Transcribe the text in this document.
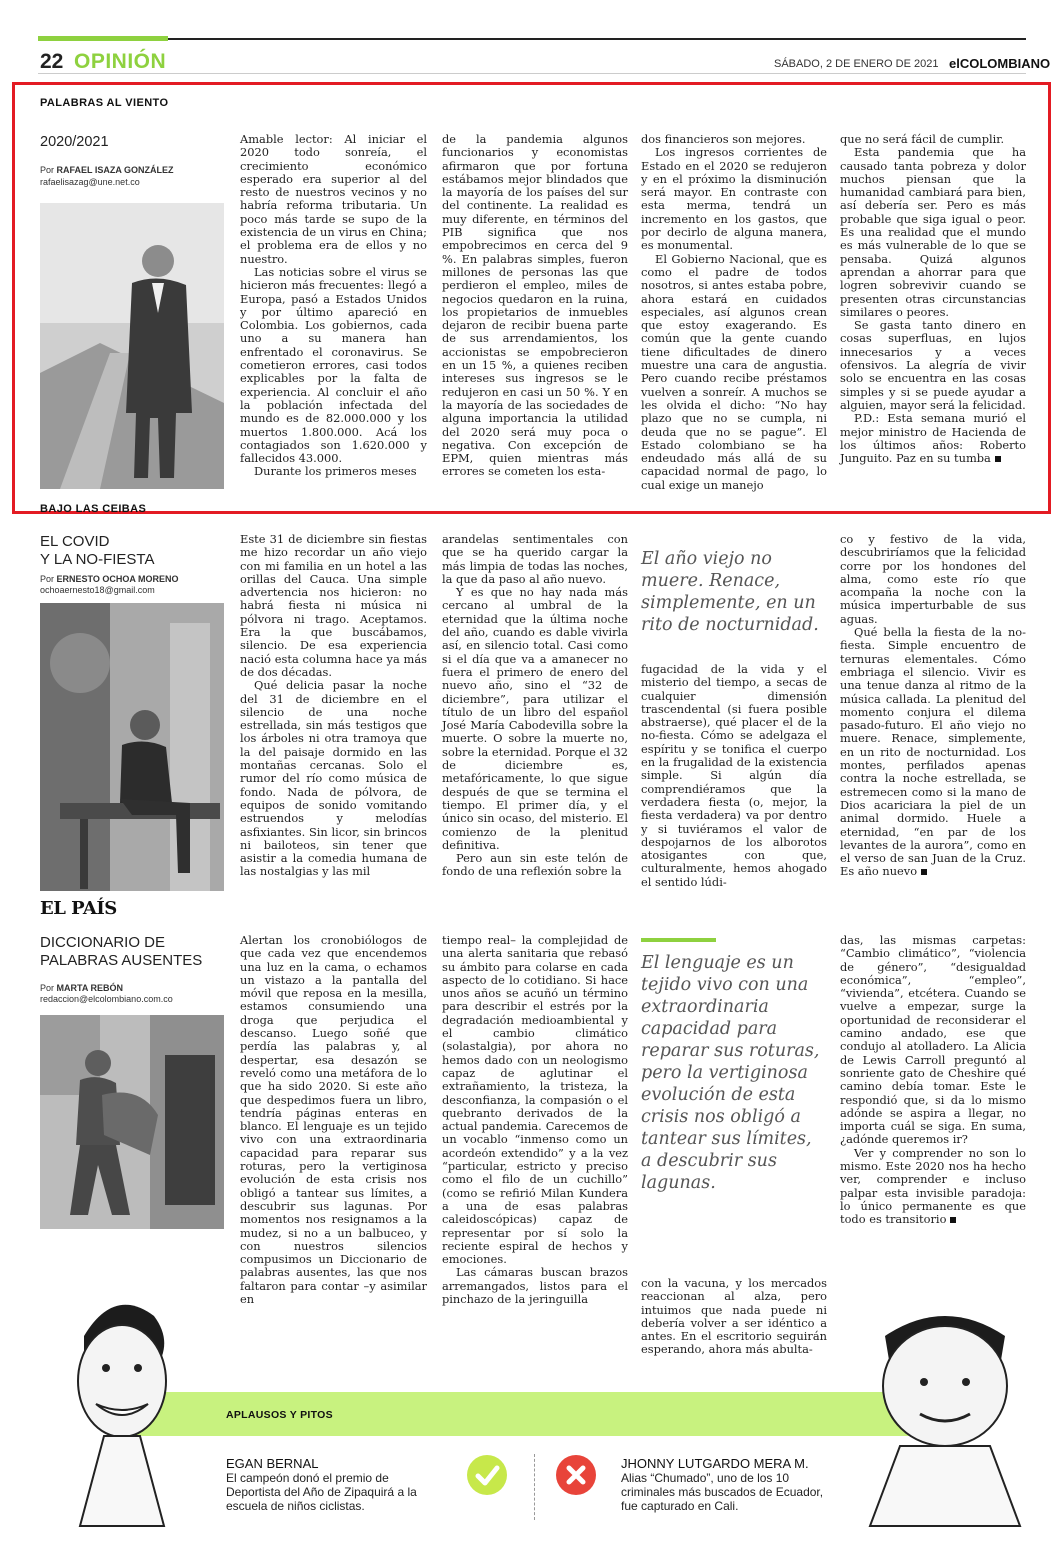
22 OPINIÓN	SÁBADO, 2 DE ENERO DE 2021 elCOLOMBIANO
PALABRAS AL VIENTO
2020/2021
Por RAFAEL ISAZA GONZÁLEZ
rafaelisazag@une.net.co

Amable lector: Al iniciar el 2020 todo sonreía, el crecimiento económico esperado era superior al del resto de nuestros vecinos y no habría reforma tributaria. Un poco más tarde se supo de la existencia de un virus en China; el problema era de ellos y no nuestro.

Las noticias sobre el virus se hicieron más frecuentes: llegó a Europa, pasó a Estados Unidos y por último apareció en Colombia. Los gobiernos, cada uno a su manera han enfrentado el coronavirus. Se cometieron errores, casi todos explicables por la falta de experiencia. Al concluir el año la población infectada del mundo es de 82.000.000 y los muertos 1.800.000. Acá los contagiados son 1.620.000 y fallecidos 43.000.

Durante los primeros meses

de la pandemia algunos funcionarios y economistas afirmaron que por fortuna estábamos mejor blindados que la mayoría de los países del sur del continente. La realidad es muy diferente, en términos del PIB significa que nos empobrecimos en cerca del 9 %. En palabras simples, fueron millones de personas las que perdieron el empleo, miles de negocios quedaron en la ruina, los propietarios de inmuebles dejaron de recibir buena parte de sus arrendamientos, los accionistas se empobrecieron en un 15 %, a quienes reciben intereses sus ingresos se le redujeron en casi un 50 %. Y en la mayoría de las sociedades de alguna importancia la utilidad del 2020 será muy poca o negativa. Con excepción de EPM, quien mientras más errores se cometen los esta-

dos financieros son mejores.

Los ingresos corrientes de Estado en el 2020 se redujeron y en el próximo la disminución será mayor. En contraste con esta merma, tendrá un incremento en los gastos, que por decirlo de alguna manera, es monumental.

El Gobierno Nacional, que es como el padre de todos nosotros, si antes estaba pobre, ahora estará en cuidados especiales, así algunos crean que estoy exagerando. Es común que la gente cuando tiene dificultades de dinero muestre una cara de angustia. Pero cuando recibe préstamos vuelven a sonreír. A muchos se les olvida el dicho: “No hay plazo que no se cumpla, ni deuda que no se pague”. El Estado colombiano se ha endeudado más allá de su capacidad normal de pago, lo cual exige un manejo

que no será fácil de cumplir.

Esta pandemia que ha causado tanta pobreza y dolor muchos piensan que la humanidad cambiará para bien, así debería ser. Pero es más probable que siga igual o peor. Es una realidad que el mundo es más vulnerable de lo que se pensaba. Quizá algunos aprendan a ahorrar para que logren sobrevivir cuando se presenten otras circunstancias similares o peores.

Se gasta tanto dinero en cosas superfluas, en lujos innecesarios y a veces ofensivos. La alegría de vivir solo se encuentra en las cosas simples y si se puede ayudar a alguien, mayor será la felicidad.

P.D.: Esta semana murió el mejor ministro de Hacienda de los últimos años: Roberto Junguito. Paz en su tumba

BAJO LAS CEIBAS
EL COVID
Y LA NO-FIESTA
Por ERNESTO OCHOA MORENO
ochoaernesto18@gmail.com

Este 31 de diciembre sin fiestas me hizo recordar un año viejo con mi familia en un hotel a las orillas del Cauca. Una simple advertencia nos hicieron: no habrá fiesta ni música ni pólvora ni trago. Aceptamos. Era la que buscábamos, silencio. De esa experiencia nació esta columna hace ya más de dos décadas.

Qué delicia pasar la noche del 31 de diciembre en el silencio de una noche estrellada, sin más testigos que los árboles ni otra tramoya que la del paisaje dormido en las montañas cercanas. Solo el rumor del río como música de fondo. Nada de pólvora, de equipos de sonido vomitando estruendos y melodías asfixiantes. Sin licor, sin brincos ni bailoteos, sin tener que asistir a la comedia humana de las nostalgias y las mil

arandelas sentimentales con que se ha querido cargar la más limpia de todas las noches, la que da paso al año nuevo.

Y es que no hay nada más cercano al umbral de la eternidad que la última noche del año, cuando es dable vivirla así, en silencio total. Casi como si el día que va a amanecer no fuera el primero de enero del nuevo año, sino el “32 de diciembre”, para utilizar el título de un libro del español José María Cabodevilla sobre la muerte. O sobre la muerte no, sobre la eternidad. Porque el 32 de diciembre es, metafóricamente, lo que sigue después de que se termina el tiempo. El primer día, y el único sin ocaso, del misterio. El comienzo de la plenitud definitiva.

Pero aun sin este telón de fondo de una reflexión sobre la

El año viejo no muere. Renace, simplemente, en un rito de nocturnidad.

fugacidad de la vida y el misterio del tiempo, a secas de cualquier dimensión trascendental (si fuera posible abstraerse), qué placer el de la no-fiesta. Cómo se adelgaza el espíritu y se tonifica el cuerpo en la frugalidad de la existencia simple. Si algún día comprendiéramos que la verdadera fiesta (o, mejor, la fiesta verdadera) va por dentro y si tuviéramos el valor de despojarnos de los alborotos atosigantes con que, culturalmente, hemos ahogado el sentido lúdi-

co y festivo de la vida, descubriríamos que la felicidad corre por los hondones del alma, como este río que acompaña la noche con la música imperturbable de sus aguas.

Qué bella la fiesta de la no-fiesta. Simple encuentro de ternuras elementales. Cómo embriaga el silencio. Vivir es una tenue danza al ritmo de la música callada. La plenitud del momento conjura el dilema pasado-futuro. El año viejo no muere. Renace, simplemente, en un rito de nocturnidad. Los montes, perfilados apenas contra la noche estrellada, se estremecen como si la mano de Dios acariciara la piel de un animal dormido. Huele a eternidad, “en par de los levantes de la aurora”, como en el verso de san Juan de la Cruz. Es año nuevo

EL PAÍS
DICCIONARIO DE
PALABRAS AUSENTES
Por MARTA REBÓN
redaccion@elcolombiano.com.co

Alertan los cronobiólogos de que cada vez que encendemos una luz en la cama, o echamos un vistazo a la pantalla del móvil que reposa en la mesilla, estamos consumiendo una droga que perjudica el descanso. Luego soñé que perdía las palabras y, al despertar, esa desazón se reveló como una metáfora de lo que ha sido 2020. Si este año que despedimos fuera un libro, tendría páginas enteras en blanco. El lenguaje es un tejido vivo con una extraordinaria capacidad para reparar sus roturas, pero la vertiginosa evolución de esta crisis nos obligó a tantear sus límites, a descubrir sus lagunas. Por momentos nos resignamos a la mudez, si no a un balbuceo, y con nuestros silencios compusimos un Diccionario de palabras ausentes, las que nos faltaron para contar –y asimilar en

tiempo real– la complejidad de una alerta sanitaria que rebasó su ámbito para colarse en cada aspecto de lo cotidiano. Si hace unos años se acuñó un término para describir el estrés por la degradación medioambiental y el cambio climático (solastalgia), por ahora no hemos dado con un neologismo capaz de aglutinar el extrañamiento, la tristeza, la desconfianza, la compasión o el quebranto derivados de la actual pandemia. Carecemos de un vocablo “inmenso como un acordeón extendido” y a la vez “particular, estricto y preciso como el filo de un cuchillo” (como se refirió Milan Kundera a una de esas palabras caleidoscópicas) capaz de representar por sí solo la reciente espiral de hechos y emociones.

Las cámaras buscan brazos arremangados, listos para el pinchazo de la jeringuilla

El lenguaje es un tejido vivo con una extraordinaria capacidad para reparar sus roturas, pero la vertiginosa evolución de esta crisis nos obligó a tantear sus límites, a descubrir sus lagunas.

con la vacuna, y los mercados reaccionan al alza, pero intuimos que nada puede ni debería volver a ser idéntico a antes. En el escritorio seguirán esperando, ahora más abulta-

das, las mismas carpetas: “Cambio climático”, “violencia de género”, “desigualdad económica”, “empleo”, “vivienda”, etcétera. Cuando se vuelve a empezar, surge la oportunidad de reconsiderar el camino andado, ese que condujo al atolladero. La Alicia de Lewis Carroll preguntó al sonriente gato de Cheshire qué camino debía tomar. Este le respondió que, si da lo mismo adónde se aspira a llegar, no importa cuál se siga. En suma, ¿adónde queremos ir?

Ver y comprender no son lo mismo. Este 2020 nos ha hecho ver, comprender e incluso palpar esta invisible paradoja: lo único permanente es que todo es transitorio

APLAUSOS Y PITOS
EGAN BERNAL
El campeón donó el premio de Deportista del Año de Zipaquirá a la escuela de niños ciclistas.
JHONNY LUTGARDO MERA M.
Alias “Chumado”, uno de los 10 criminales más buscados de Ecuador, fue capturado en Cali.
